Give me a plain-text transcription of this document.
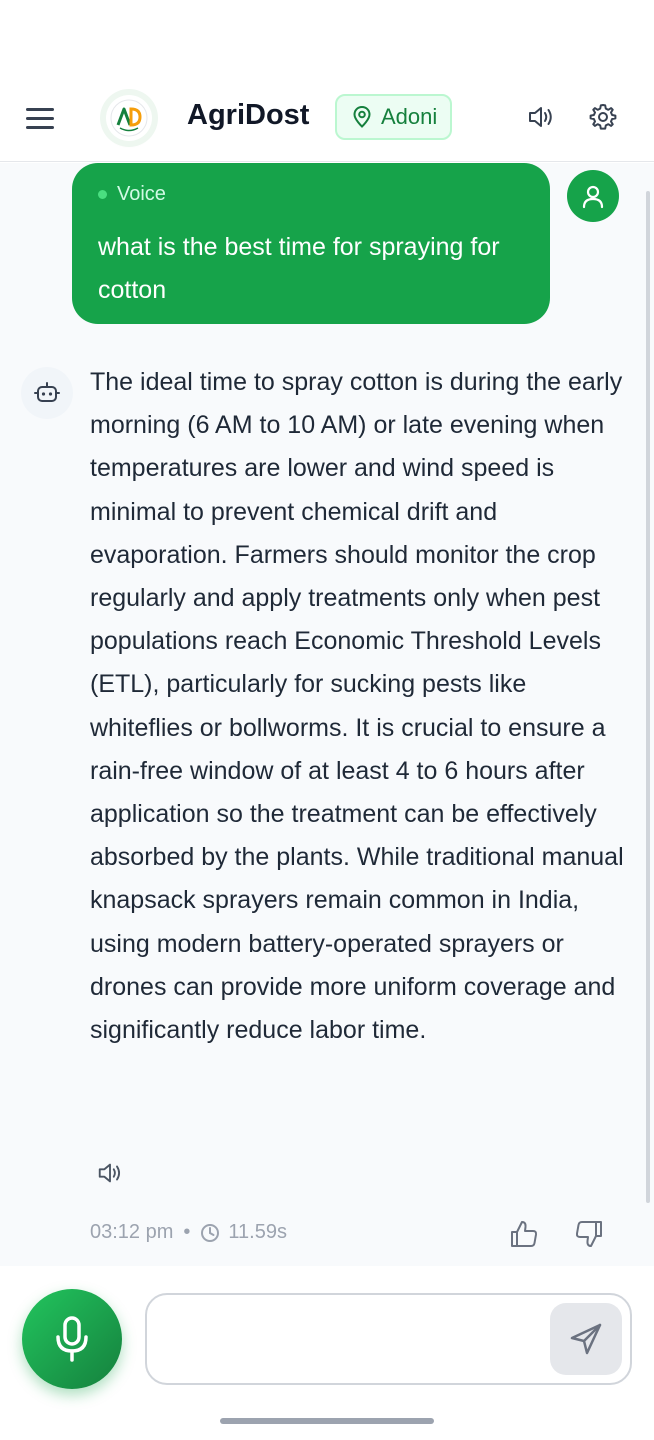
AgriDost	Adoni
Voice
what is the best time for spraying for cotton
The ideal time to spray cotton is during the early morning (6 AM to 10 AM) or late evening when temperatures are lower and wind speed is minimal to prevent chemical drift and evaporation. Farmers should monitor the crop regularly and apply treatments only when pest populations reach Economic Threshold Levels (ETL), particularly for sucking pests like whiteflies or bollworms. It is crucial to ensure a rain-free window of at least 4 to 6 hours after application so the treatment can be effectively absorbed by the plants. While traditional manual knapsack sprayers remain common in India, using modern battery-operated sprayers or drones can provide more uniform coverage and significantly reduce labor time.
03:12 pm • 11.59s
